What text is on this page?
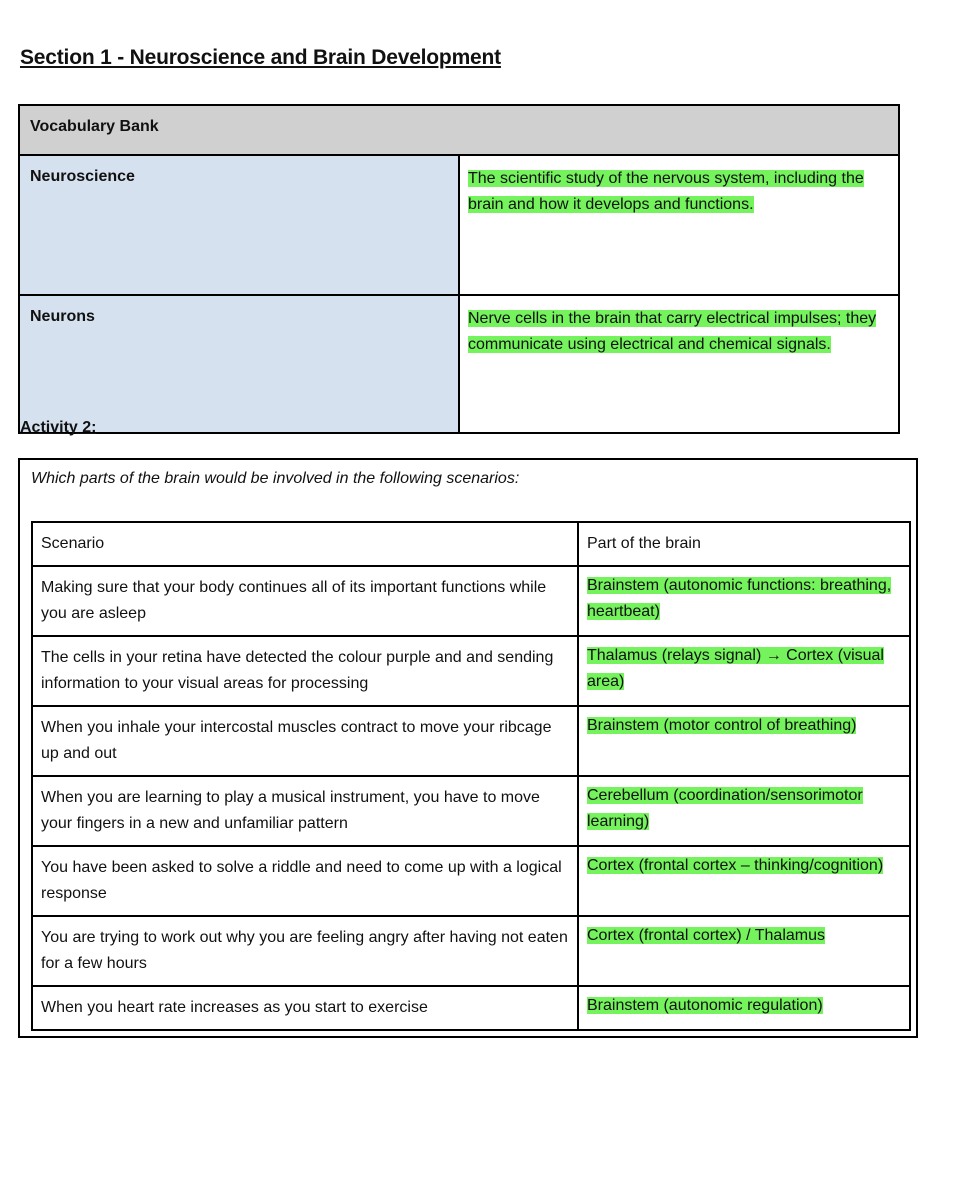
Section 1 - Neuroscience and Brain Development
Vocabulary Bank	
Neuroscience	The scientific study of the nervous system, including the brain and how it develops and functions.
Neurons	Nerve cells in the brain that carry electrical impulses; they communicate using electrical and chemical signals.
Activity 2:

Which parts of the brain would be involved in the following scenarios:

Scenario	Part of the brain
Making sure that your body continues all of its important functions while you are asleep	Brainstem (autonomic functions: breathing, heartbeat)
The cells in your retina have detected the colour purple and and sending information to your visual areas for processing	Thalamus (relays signal) → Cortex (visual area)
When you inhale your intercostal muscles contract to move your ribcage up and out	Brainstem (motor control of breathing)
When you are learning to play a musical instrument, you have to move your fingers in a new and unfamiliar pattern	Cerebellum (coordination/sensorimotor learning)
You have been asked to solve a riddle and need to come up with a logical response	Cortex (frontal cortex – thinking/cognition)
You are trying to work out why you are feeling angry after having not eaten for a few hours	Cortex (frontal cortex) / Thalamus
When you heart rate increases as you start to exercise	Brainstem (autonomic regulation)
